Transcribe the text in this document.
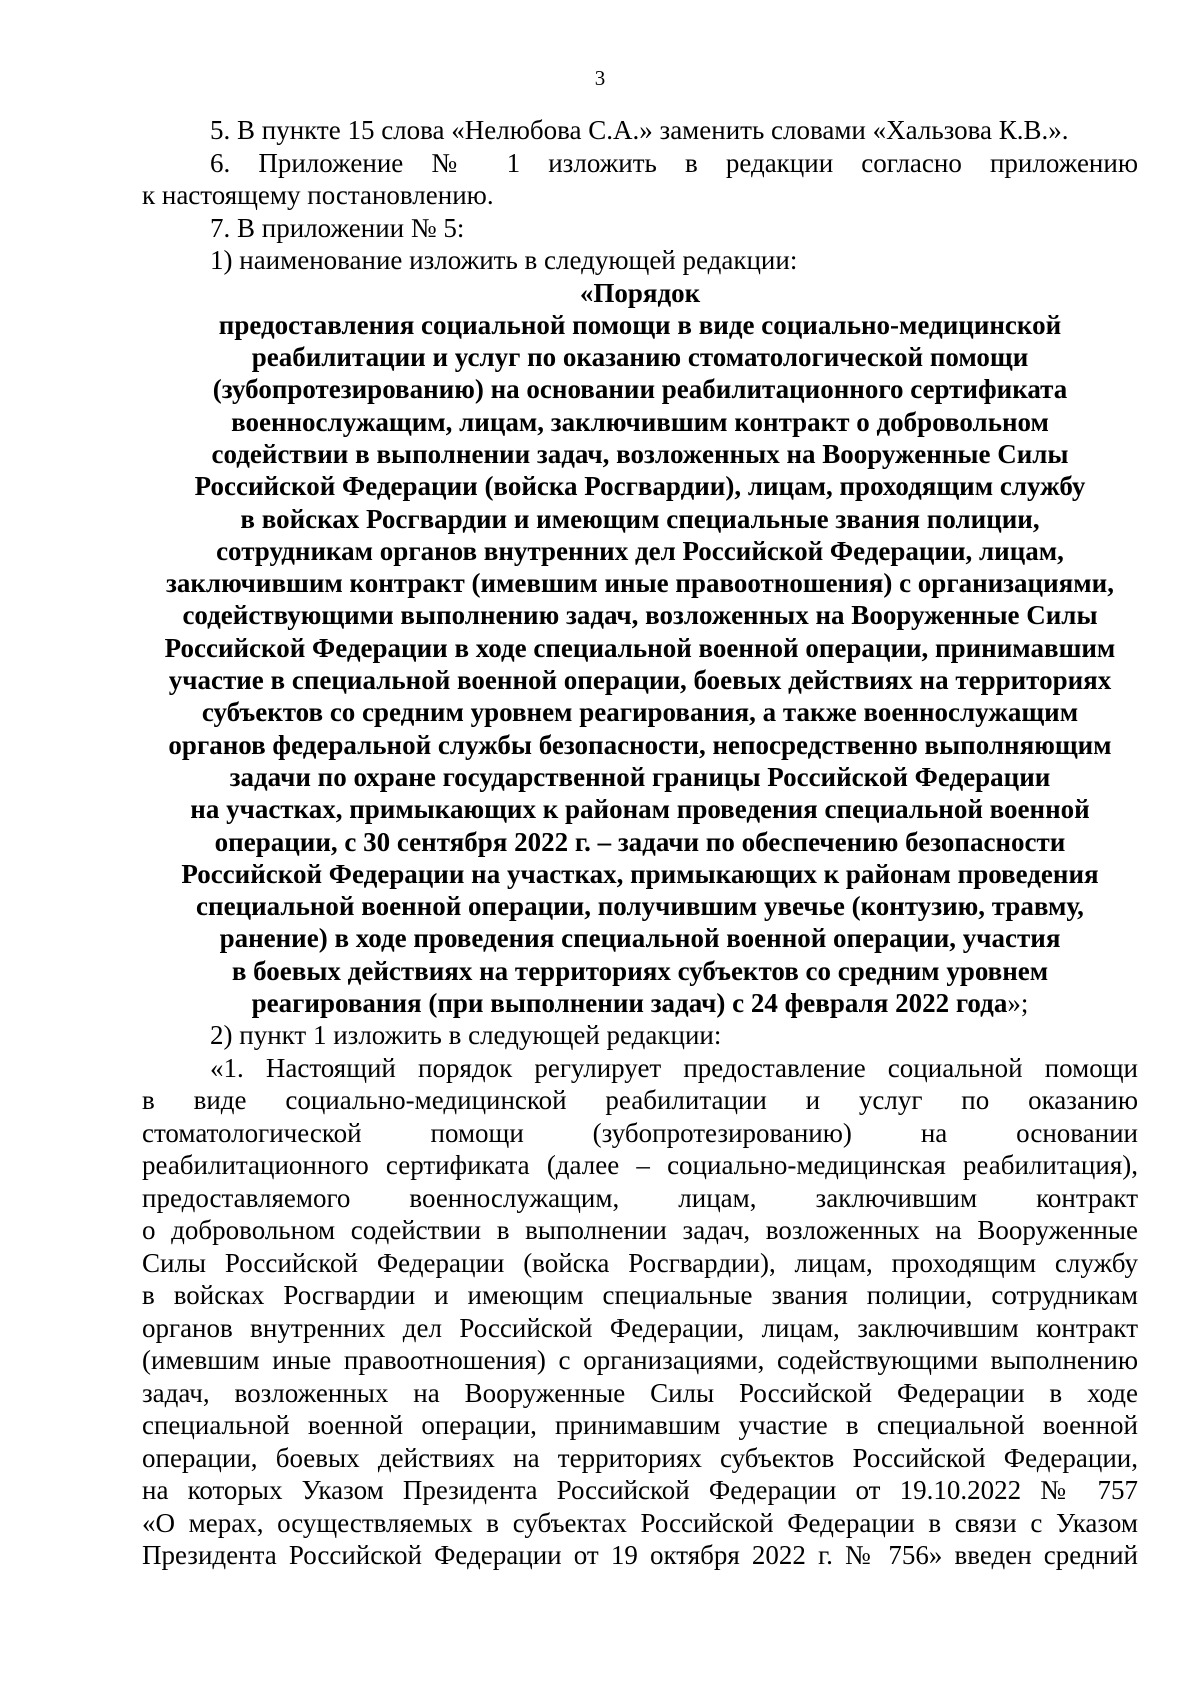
3

5. В пункте 15 слова «Нелюбова С.А.» заменить словами «Хальзова К.В.».

6. Приложение № 1 изложить в редакции согласно приложению
к настоящему постановлению.

7. В приложении № 5:

1) наименование изложить в следующей редакции:

«Порядок
предоставления социальной помощи в виде социально-медицинской
реабилитации и услуг по оказанию стоматологической помощи
(зубопротезированию) на основании реабилитационного сертификата
военнослужащим, лицам, заключившим контракт о добровольном
содействии в выполнении задач, возложенных на Вооруженные Силы
Российской Федерации (войска Росгвардии), лицам, проходящим службу
в войсках Росгвардии и имеющим специальные звания полиции,
сотрудникам органов внутренних дел Российской Федерации, лицам,
заключившим контракт (имевшим иные правоотношения) с организациями,
содействующими выполнению задач, возложенных на Вооруженные Силы
Российской Федерации в ходе специальной военной операции, принимавшим
участие в специальной военной операции, боевых действиях на территориях
субъектов со средним уровнем реагирования, а также военнослужащим
органов федеральной службы безопасности, непосредственно выполняющим
задачи по охране государственной границы Российской Федерации
на участках, примыкающих к районам проведения специальной военной
операции, с 30 сентября 2022 г. – задачи по обеспечению безопасности
Российской Федерации на участках, примыкающих к районам проведения
специальной военной операции, получившим увечье (контузию, травму,
ранение) в ходе проведения специальной военной операции, участия
в боевых действиях на территориях субъектов со средним уровнем
реагирования (при выполнении задач) с 24 февраля 2022 года»;

2) пункт 1 изложить в следующей редакции:

«1. Настоящий порядок регулирует предоставление социальной помощи
в виде социально-медицинской реабилитации и услуг по оказанию
стоматологической помощи (зубопротезированию) на основании
реабилитационного сертификата (далее – социально-медицинская реабилитация),
предоставляемого военнослужащим, лицам, заключившим контракт
о добровольном содействии в выполнении задач, возложенных на Вооруженные
Силы Российской Федерации (войска Росгвардии), лицам, проходящим службу
в войсках Росгвардии и имеющим специальные звания полиции, сотрудникам
органов внутренних дел Российской Федерации, лицам, заключившим контракт
(имевшим иные правоотношения) с организациями, содействующими выполнению
задач, возложенных на Вооруженные Силы Российской Федерации в ходе
специальной военной операции, принимавшим участие в специальной военной
операции, боевых действиях на территориях субъектов Российской Федерации,
на которых Указом Президента Российской Федерации от 19.10.2022 № 757
«О мерах, осуществляемых в субъектах Российской Федерации в связи с Указом
Президента Российской Федерации от 19 октября 2022 г. № 756» введен средний
